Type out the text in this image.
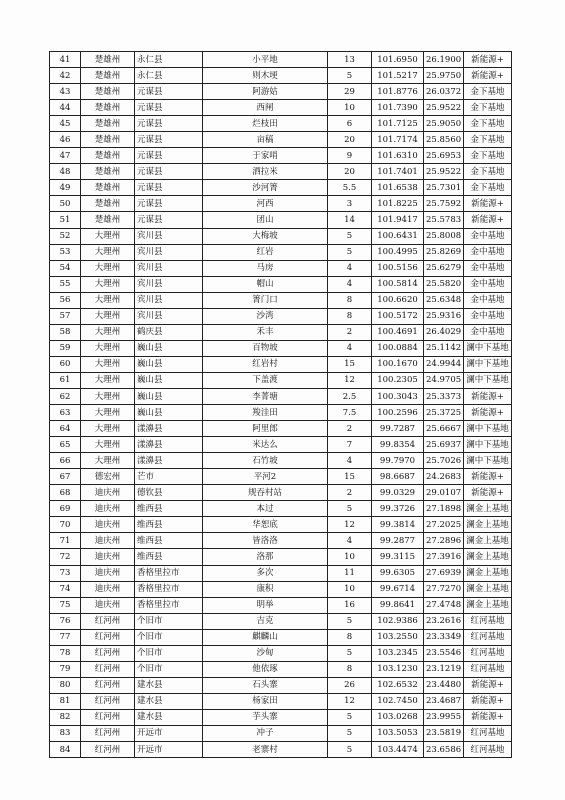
41	楚雄州	永仁县	小平地	13	101.6950	26.1900	新能源+
42	楚雄州	永仁县	则木埂	5	101.5217	25.9750	新能源+
43	楚雄州	元谋县	阿游姑	29	101.8776	26.0372	金下基地
44	楚雄州	元谋县	西闸	10	101.7390	25.9522	金下基地
45	楚雄州	元谋县	烂枝田	6	101.7125	25.9050	金下基地
46	楚雄州	元谋县	亩稿	20	101.7174	25.8560	金下基地
47	楚雄州	元谋县	于家哨	9	101.6310	25.6953	金下基地
48	楚雄州	元谋县	洒拉米	20	101.7401	25.9522	金下基地
49	楚雄州	元谋县	沙河箐	5.5	101.6538	25.7301	金下基地
50	楚雄州	元谋县	河西	3	101.8225	25.7592	新能源+
51	楚雄州	元谋县	团山	14	101.9417	25.5783	新能源+
52	大理州	宾川县	大梅坡	5	100.6431	25.8008	金中基地
53	大理州	宾川县	红岩	5	100.4995	25.8269	金中基地
54	大理州	宾川县	马房	4	100.5156	25.6279	金中基地
55	大理州	宾川县	帽山	4	100.5814	25.5820	金中基地
56	大理州	宾川县	箐门口	8	100.6620	25.6348	金中基地
57	大理州	宾川县	沙湾	8	100.5172	25.9316	金中基地
58	大理州	鹤庆县	禾丰	2	100.4691	26.4029	金中基地
59	大理州	巍山县	百物坡	4	100.0884	25.1142	澜中下基地
60	大理州	巍山县	红岩村	15	100.1670	24.9944	澜中下基地
61	大理州	巍山县	下盖渡	12	100.2305	24.9705	澜中下基地
62	大理州	巍山县	李菁塘	2.5	100.3043	25.3373	新能源+
63	大理州	巍山县	羧洼田	7.5	100.2596	25.3725	新能源+
64	大理州	漾濞县	阿里郎	2	99.7287	25.6667	澜中下基地
65	大理州	漾濞县	米达么	7	99.8354	25.6937	澜中下基地
66	大理州	漾濞县	石竹坡	4	99.7970	25.7026	澜中下基地
67	德宏州	芒市	平河2	15	98.6687	24.2683	新能源+
68	迪庆州	德钦县	规吞村站	2	99.0329	29.0107	新能源+
69	迪庆州	维西县	本过	5	99.3726	27.1898	澜金上基地
70	迪庆州	维西县	华恕底	12	99.3814	27.2025	澜金上基地
71	迪庆州	维西县	皆洛洛	4	99.2877	27.2896	澜金上基地
72	迪庆州	维西县	洛那	10	99.3115	27.3916	澜金上基地
73	迪庆州	香格里拉市	多次	11	99.6305	27.6939	澜金上基地
74	迪庆州	香格里拉市	康积	10	99.6714	27.7270	澜金上基地
75	迪庆州	香格里拉市	明举	16	99.8641	27.4748	澜金上基地
76	红河州	个旧市	吉克	5	102.9386	23.2616	红河基地
77	红河州	个旧市	麒麟山	8	103.2550	23.3349	红河基地
78	红河州	个旧市	沙甸	5	103.2345	23.5546	红河基地
79	红河州	个旧市	他依琢	8	103.1230	23.1219	红河基地
80	红河州	建水县	石头寨	26	102.6532	23.4480	新能源+
81	红河州	建水县	杨家田	12	102.7450	23.4687	新能源+
82	红河州	建水县	芋头寨	5	103.0268	23.9955	新能源+
83	红河州	开远市	冲子	5	103.5053	23.5819	红河基地
84	红河州	开远市	老寨村	5	103.4474	23.6586	红河基地
